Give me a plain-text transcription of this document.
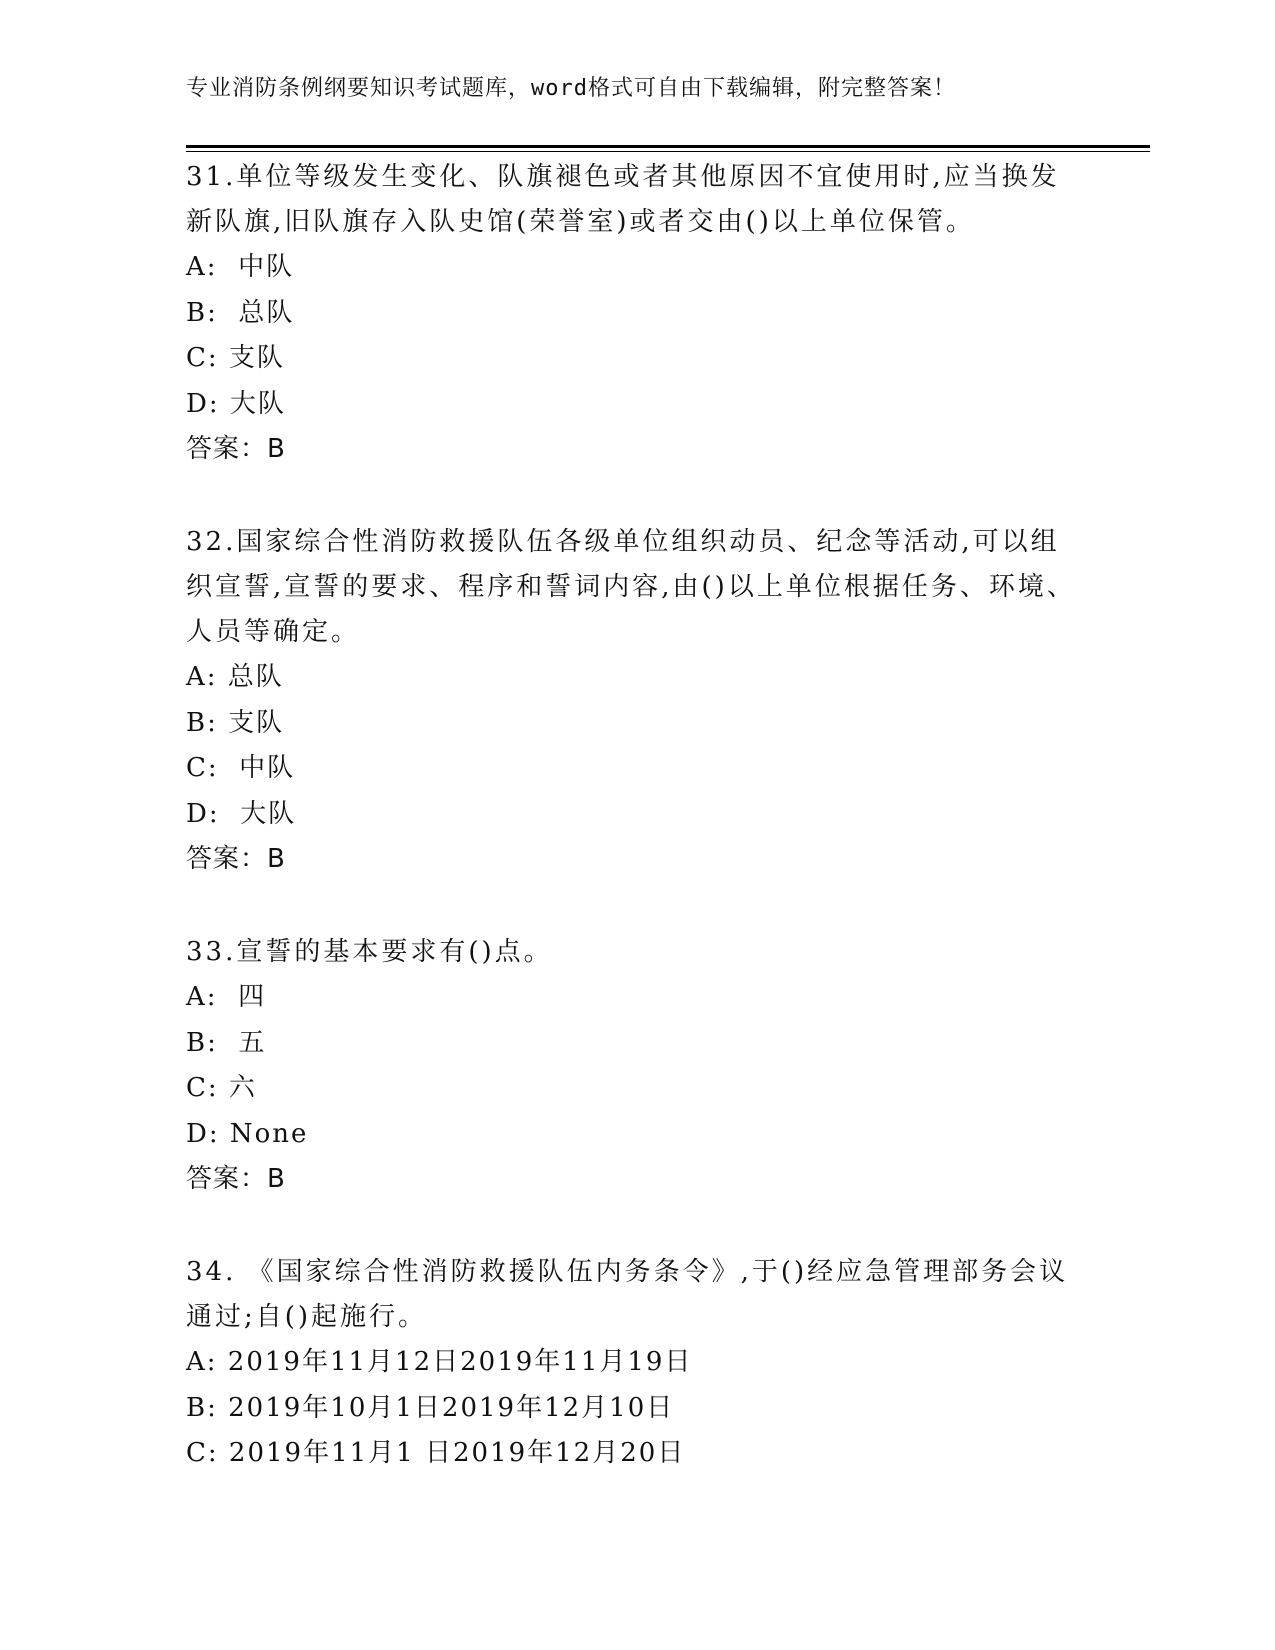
专业消防条例纲要知识考试题库，word格式可自由下载编辑，附完整答案！

31.单位等级发生变化、队旗褪色或者其他原因不宜使用时,应当换发新队旗,旧队旗存入队史馆(荣誉室)或者交由()以上单位保管。

A:  中队

B:  总队

C: 支队

D: 大队

答案：B

32.国家综合性消防救援队伍各级单位组织动员、纪念等活动,可以组织宣誓,宣誓的要求、程序和誓词内容,由()以上单位根据任务、环境、人员等确定。

A: 总队

B: 支队

C:  中队

D:  大队

答案：B

33.宣誓的基本要求有()点。

A:  四

B:  五

C: 六

D: None

答案：B

34. 《国家综合性消防救援队伍内务条令》,于()经应急管理部务会议通过;自()起施行。

A: 2019年11月12日2019年11月19日

B: 2019年10月1日2019年12月10日

C: 2019年11月1 日2019年12月20日
